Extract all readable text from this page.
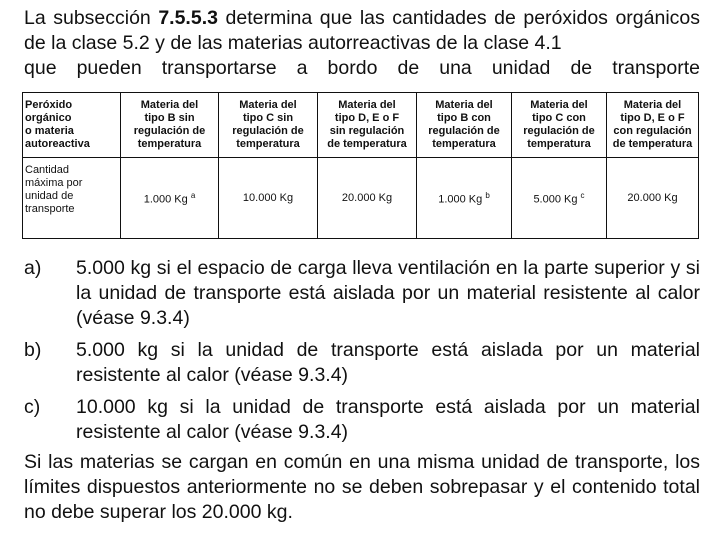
La subsección 7.5.5.3 determina que las cantidades de peróxidos orgánicos de la clase 5.2 y de las materias autorreactivas de la clase 4.1
que pueden transportarse a bordo de una unidad de transporte
Peróxido
orgánico
o materia
autoreactiva	Materia del
tipo B sin
regulación de
temperatura	Materia del
tipo C sin
regulación de
temperatura	Materia del
tipo D, E o F
sin regulación
de temperatura	Materia del
tipo B con
regulación de
temperatura	Materia del
tipo C con
regulación de
temperatura	Materia del
tipo D, E o F
con regulación
de temperatura

Cantidad
máxima por
unidad de
transporte	1.000 Kg $^a$	10.000 Kg	20.000 Kg	1.000 Kg $^b$	5.000 Kg $^c$	20.000 Kg
a)	5.000 kg si el espacio de carga lleva ventilación en la parte superior y si la unidad de transporte está aislada por un material resistente al calor (véase 9.3.4)
b)	5.000 kg si la unidad de transporte está aislada por un material resistente al calor (véase 9.3.4)
c)	10.000 kg si la unidad de transporte está aislada por un material resistente al calor (véase 9.3.4)
Si las materias se cargan en común en una misma unidad de transporte, los límites dispuestos anteriormente no se deben sobrepasar y el contenido total no debe superar los 20.000 kg.
